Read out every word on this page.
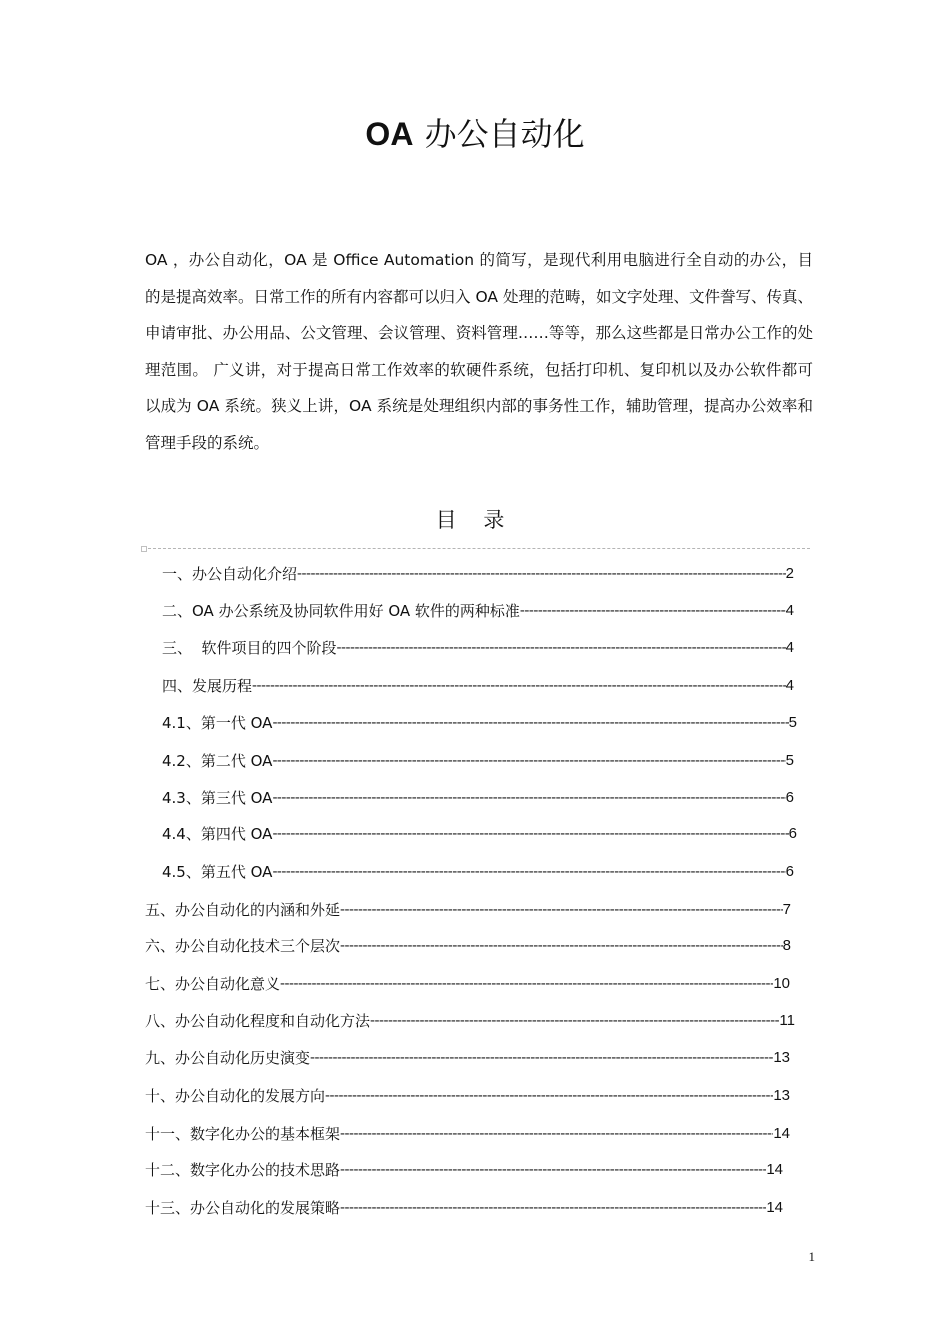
OA 办公自动化

OA ，办公自动化，OA 是 Office Automation 的简写，是现代利用电脑进行全自动的办公，目的是提高效率。日常工作的所有内容都可以归入 OA 处理的范畴，如文字处理、文件誊写、传真、申请审批、办公用品、公文管理、会议管理、资料管理……等等，那么这些都是日常办公工作的处理范围。 广义讲，对于提高日常工作效率的软硬件系统，包括打印机、复印机以及办公软件都可以成为 OA 系统。狭义上讲，OA 系统是处理组织内部的事务性工作，辅助管理，提高办公效率和管理手段的系统。

目 录
一、办公自动化介绍 -----	2
二、OA 办公系统及协同软件用好 OA 软件的两种标准 -----	4
三、  软件项目的四个阶段 -----	4
四、发展历程 -----	4
4.1、第一代 OA -----	5
4.2、第二代 OA -----	5
4.3、第三代 OA -----	6
4.4、第四代 OA -----	6
4.5、第五代 OA -----	6
五、办公自动化的内涵和外延 -----	7
六、办公自动化技术三个层次 -----	8
七、办公自动化意义 -----	10
八、办公自动化程度和自动化方法 -----	11
九、办公自动化历史演变 -----	13
十、办公自动化的发展方向 -----	13
十一、数字化办公的基本框架 -----	14
十二、数字化办公的技术思路 -----	14
十三、办公自动化的发展策略 -----	14
1
